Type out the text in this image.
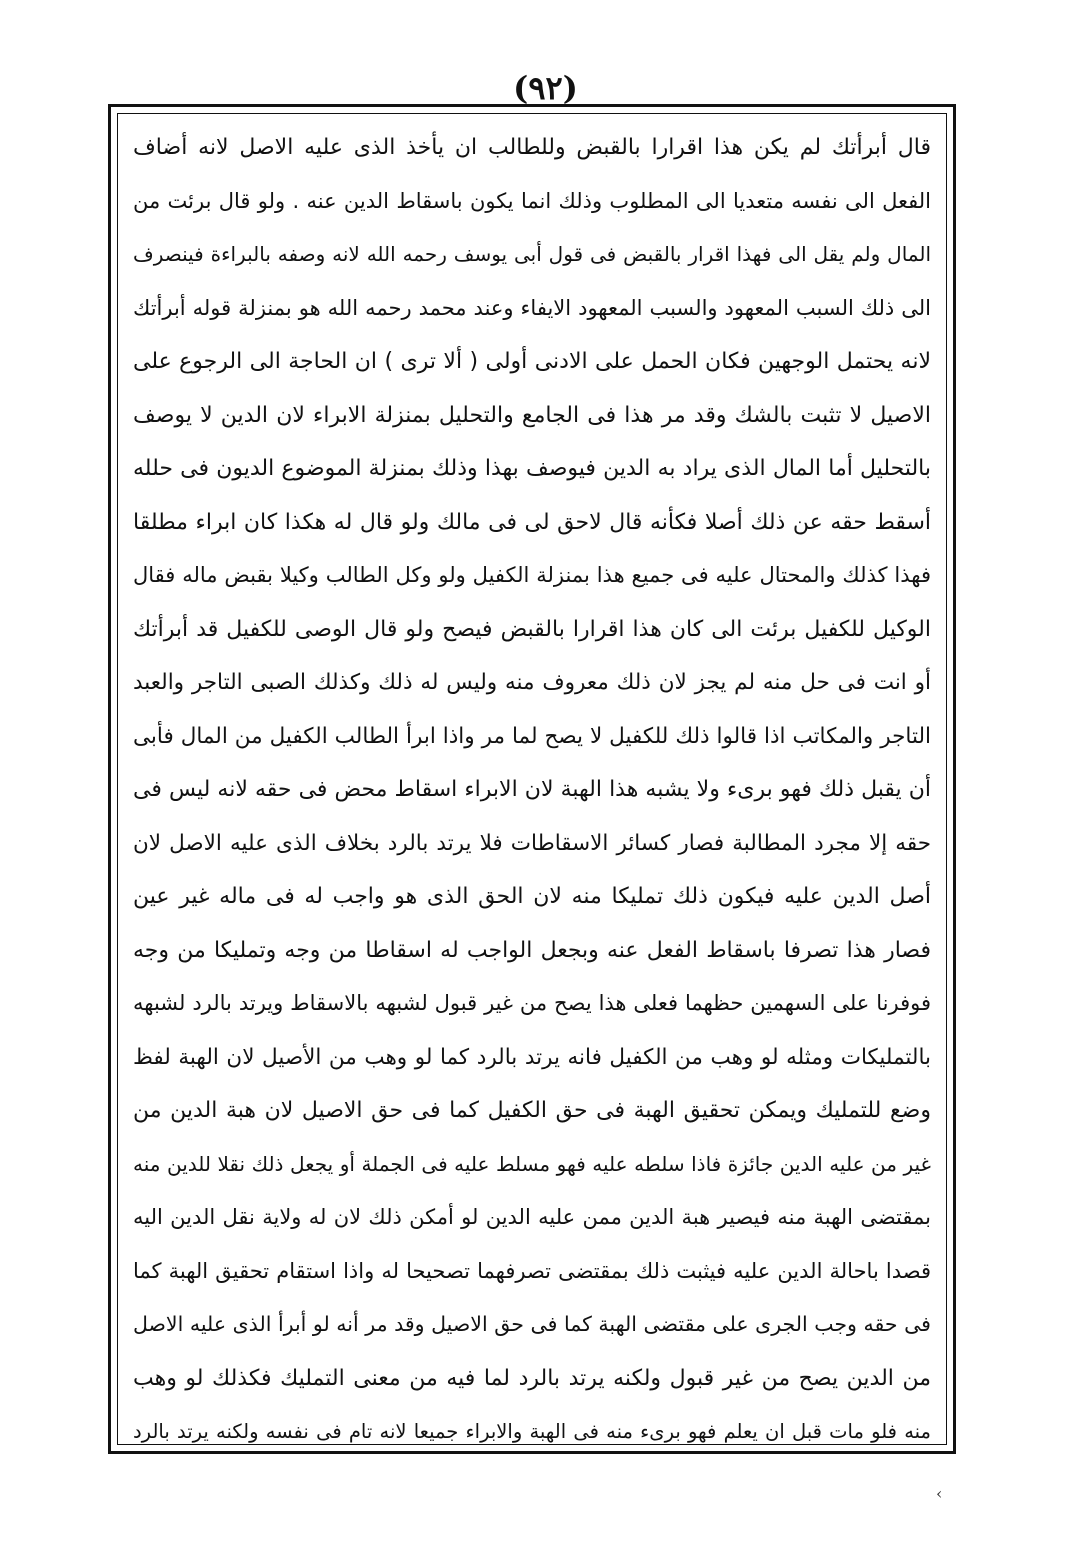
(٩٢)
قال أبرأتك لم يكن هذا اقرارا بالقبض وللطالب ان يأخذ الذى عليه الاصل لانه أضاف
الفعل الى نفسه متعديا الى المطلوب وذلك انما يكون باسقاط الدين عنه . ولو قال برئت من
المال ولم يقل الى فهذا اقرار بالقبض فى قول أبى يوسف رحمه الله لانه وصفه بالبراءة فينصرف
الى ذلك السبب المعهود والسبب المعهود الايفاء وعند محمد رحمه الله هو بمنزلة قوله أبرأتك
لانه يحتمل الوجهين فكان الحمل على الادنى أولى ( ألا ترى ) ان الحاجة الى الرجوع على
الاصيل لا تثبت بالشك وقد مر هذا فى الجامع والتحليل بمنزلة الابراء لان الدين لا يوصف
بالتحليل أما المال الذى يراد به الدين فيوصف بهذا وذلك بمنزلة الموضوع الديون فى حلله
أسقط حقه عن ذلك أصلا فكأنه قال لاحق لى فى مالك ولو قال له هكذا كان ابراء مطلقا
فهذا كذلك والمحتال عليه فى جميع هذا بمنزلة الكفيل ولو وكل الطالب وكيلا بقبض ماله فقال
الوكيل للكفيل برئت الى كان هذا اقرارا بالقبض فيصح ولو قال الوصى للكفيل قد أبرأتك
أو انت فى حل منه لم يجز لان ذلك معروف منه وليس له ذلك وكذلك الصبى التاجر والعبد
التاجر والمكاتب اذا قالوا ذلك للكفيل لا يصح لما مر واذا ابرأ الطالب الكفيل من المال فأبى
أن يقبل ذلك فهو برىء ولا يشبه هذا الهبة لان الابراء اسقاط محض فى حقه لانه ليس فى
حقه إلا مجرد المطالبة فصار كسائر الاسقاطات فلا يرتد بالرد بخلاف الذى عليه الاصل لان
أصل الدين عليه فيكون ذلك تمليكا منه لان الحق الذى هو واجب له فى ماله غير عين
فصار هذا تصرفا باسقاط الفعل عنه وبجعل الواجب له اسقاطا من وجه وتمليكا من وجه
فوفرنا على السهمين حظهما فعلى هذا يصح من غير قبول لشبهه بالاسقاط ويرتد بالرد لشبهه
بالتمليكات ومثله لو وهب من الكفيل فانه يرتد بالرد كما لو وهب من الأصيل لان الهبة لفظ
وضع للتمليك ويمكن تحقيق الهبة فى حق الكفيل كما فى حق الاصيل لان هبة الدين من
غير من عليه الدين جائزة فاذا سلطه عليه فهو مسلط عليه فى الجملة أو يجعل ذلك نقلا للدين منه
بمقتضى الهبة منه فيصير هبة الدين ممن عليه الدين لو أمكن ذلك لان له ولاية نقل الدين اليه
قصدا باحالة الدين عليه فيثبت ذلك بمقتضى تصرفهما تصحيحا له واذا استقام تحقيق الهبة كما
فى حقه وجب الجرى على مقتضى الهبة كما فى حق الاصيل وقد مر أنه لو أبرأ الذى عليه الاصل
من الدين يصح من غير قبول ولكنه يرتد بالرد لما فيه من معنى التمليك فكذلك لو وهب
منه فلو مات قبل ان يعلم فهو برىء منه فى الهبة والابراء جميعا لانه تام فى نفسه ولكنه يرتد بالرد
‹
